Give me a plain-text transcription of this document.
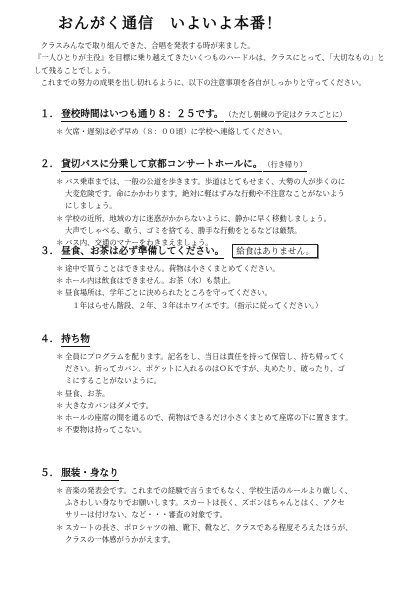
おんがく通信　いよいよ本番！

クラスみんなで取り組んできた、合唱を発表する時が来ました。

『一人ひとりが主役』を目標に乗り越えてきたいくつものハードルは、クラスにとって、「大切なもの」として残ることでしょう。

これまでの努力の成果を出し切れるように、以下の注意事項を各自がしっかりと守ってください。

１． 登校時間はいつも通り８：２５です。 （ただし朝練の予定はクラスごとに）
＊ 欠席・遅刻は必ず早め（８：００頃）に学校へ連絡してください。
２． 貸切バスに分乗して京都コンサートホールに。 （行き帰り）
＊ バス乗車までは、一般の公道を歩きます。歩道はとてもせまく、大勢の人が歩くのに
大変危険です。命にかかわります。絶対に軽はずみな行動や不注意なことがないよう
にしましょう。
＊ 学校の近所、地域の方に迷惑がかからないように、静かに早く移動しましょう。
大声でしゃべる、歌う、ゴミを捨てる、勝手な行動をとるなどは厳禁。
＊ バス内、交通のマナーをわきまえましょう。
３． 昼食、お茶は必ず準備してください。	給食はありません。
＊ 途中で買うことはできません。荷物は小さくまとめてください。
＊ ホール内は飲食はできません。お茶（水）も禁止。
＊ 昼食場所は、学年ごとに決められたところを守ってください。
　１年はらせん階段、２年、３年はホワイエです。（指示に従ってください。）
４． 持ち物
＊ 全員にプログラムを配ります。記名をし、当日は責任を持って保管し、持ち帰ってく
ださい。折ってカバン、ポケットに入れるのはＯＫですが、丸めたり、破ったり、ゴ
ミにすることがないように。
＊ 昼食、お茶。
＊ 大きなカバンはダメです。
＊ ホールの座席の間を通るので、荷物はできるだけ小さくまとめて座席の下に置きます。
＊ 不要物は持ってこない。
５． 服装・身なり
＊ 音楽の発表会です。これまでの経験で言うまでもなく、学校生活のルールより厳しく、
ふさわしい身なりでお願いします。スカートは長く、ズボンはちゃんとはく、アクセ
サリーは付けない、など・・・審査の対象です。
＊ スカートの長さ、ポロシャツの袖、靴下、靴など、クラスである程度そろえたほうが、
クラスの一体感がうかがえます。
